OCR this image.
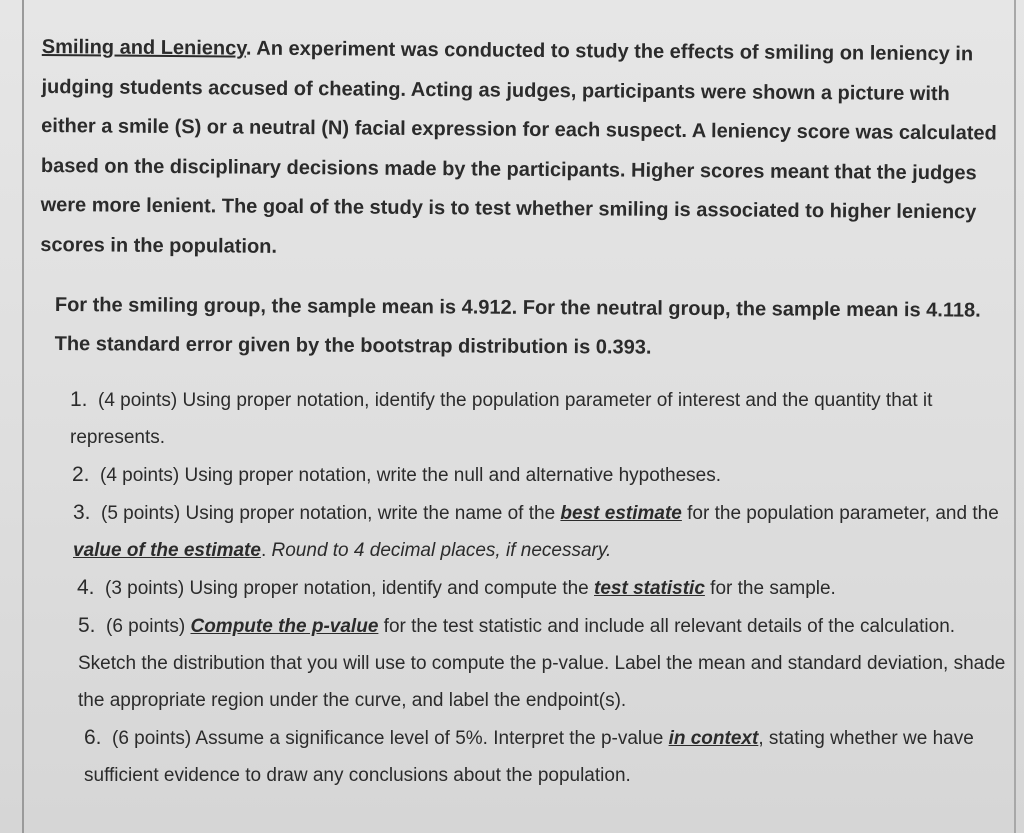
Smiling and Leniency. An experiment was conducted to study the effects of smiling on leniency in judging students accused of cheating. Acting as judges, participants were shown a picture with either a smile (S) or a neutral (N) facial expression for each suspect. A leniency score was calculated based on the disciplinary decisions made by the participants. Higher scores meant that the judges were more lenient. The goal of the study is to test whether smiling is associated to higher leniency scores in the population.
For the smiling group, the sample mean is 4.912. For the neutral group, the sample mean is 4.118. The standard error given by the bootstrap distribution is 0.393.
1. (4 points) Using proper notation, identify the population parameter of interest and the quantity that it represents.
2. (4 points) Using proper notation, write the null and alternative hypotheses.
3. (5 points) Using proper notation, write the name of the best estimate for the population parameter, and the value of the estimate. Round to 4 decimal places, if necessary.
4. (3 points) Using proper notation, identify and compute the test statistic for the sample.
5. (6 points) Compute the p-value for the test statistic and include all relevant details of the calculation. Sketch the distribution that you will use to compute the p-value. Label the mean and standard deviation, shade the appropriate region under the curve, and label the endpoint(s).
6. (6 points) Assume a significance level of 5%. Interpret the p-value in context, stating whether we have sufficient evidence to draw any conclusions about the population.
